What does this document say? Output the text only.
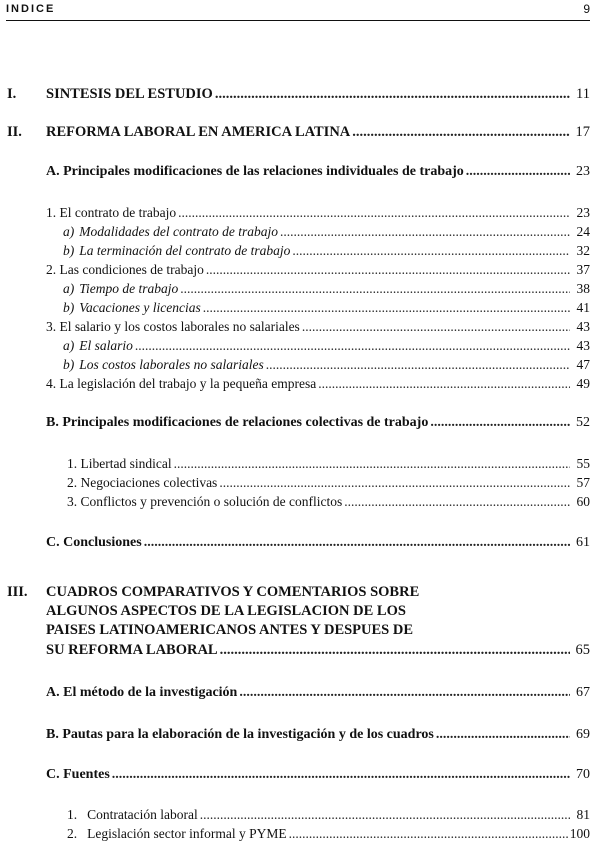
INDICE	9
I. SINTESIS DEL ESTUDIO .....	11
II. REFORMA LABORAL EN AMERICA LATINA .....	17
A. Principales modificaciones de las relaciones individuales de trabajo .....	23
1. El contrato de trabajo .....	23
a) Modalidades del contrato de trabajo .....	24
b) La terminación del contrato de trabajo .....	32
2. Las condiciones de trabajo .....	37
a) Tiempo de trabajo .....	38
b) Vacaciones y licencias .....	41
3. El salario y los costos laborales no salariales .....	43
a) El salario .....	43
b) Los costos laborales no salariales .....	47
4. La legislación del trabajo y la pequeña empresa .....	49
B. Principales modificaciones de relaciones colectivas de trabajo .....	52
1. Libertad sindical .....	55
2. Negociaciones colectivas .....	57
3. Conflictos y prevención o solución de conflictos .....	60
C. Conclusiones .....	61
III. CUADROS COMPARATIVOS Y COMENTARIOS SOBRE
ALGUNOS ASPECTOS DE LA LEGISLACION DE LOS
PAISES LATINOAMERICANOS ANTES Y DESPUES DE
SU REFORMA LABORAL .....	65
A. El método de la investigación .....	67
B. Pautas para la elaboración de la investigación y de los cuadros .....	69
C. Fuentes .....	70
1. Contratación laboral .....	81
2. Legislación sector informal y PYME .....	100
